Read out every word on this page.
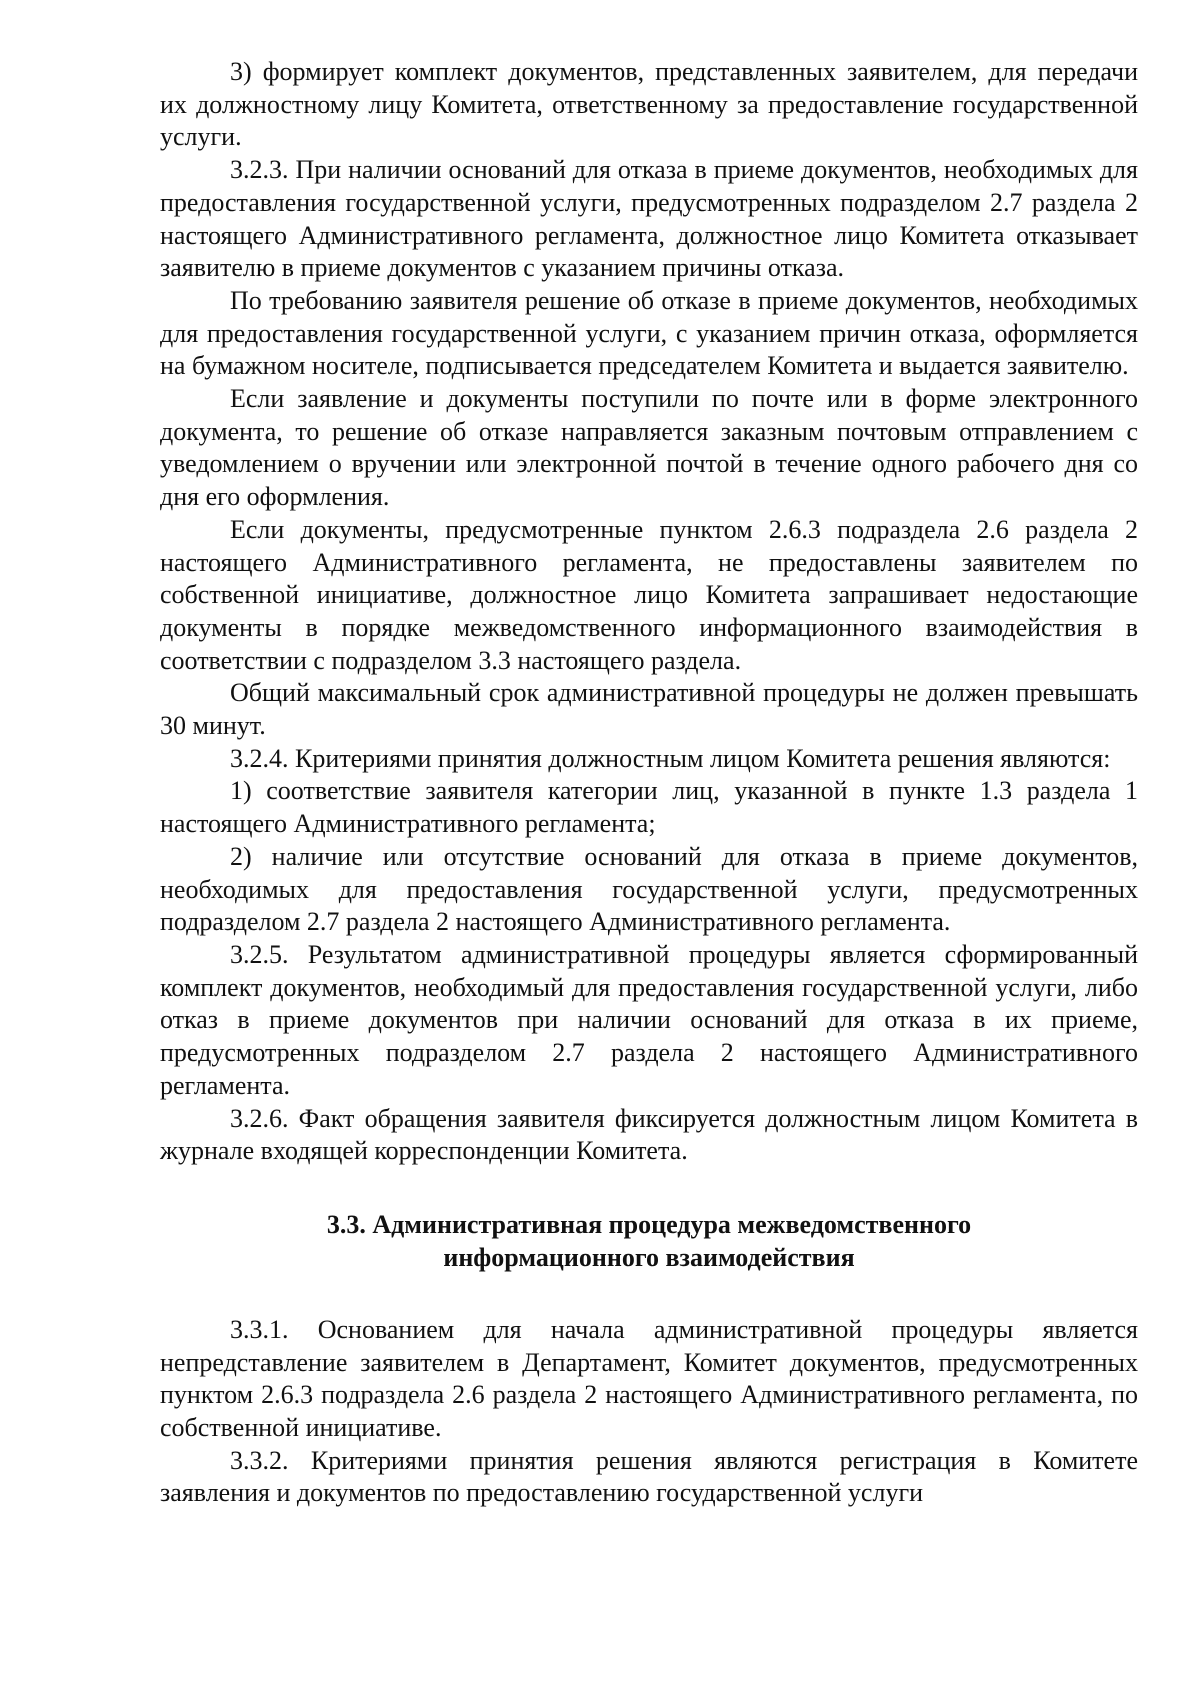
3) формирует комплект документов, представленных заявителем, для передачи их должностному лицу Комитета, ответственному за предоставление государственной услуги.

3.2.3. При наличии оснований для отказа в приеме документов, необходимых для предоставления государственной услуги, предусмотренных подразделом 2.7 раздела 2 настоящего Административного регламента, должностное лицо Комитета отказывает заявителю в приеме документов с указанием причины отказа.

По требованию заявителя решение об отказе в приеме документов, необходимых для предоставления государственной услуги, с указанием причин отказа, оформляется на бумажном носителе, подписывается председателем Комитета и выдается заявителю.

Если заявление и документы поступили по почте или в форме электронного документа, то решение об отказе направляется заказным почтовым отправлением с уведомлением о вручении или электронной почтой в течение одного рабочего дня со дня его оформления.

Если документы, предусмотренные пунктом 2.6.3 подраздела 2.6 раздела 2 настоящего Административного регламента, не предоставлены заявителем по собственной инициативе, должностное лицо Комитета запрашивает недостающие документы в порядке межведомственного информационного взаимодействия в соответствии с подразделом 3.3 настоящего раздела.

Общий максимальный срок административной процедуры не должен превышать 30 минут.

3.2.4. Критериями принятия должностным лицом Комитета решения являются:

1) соответствие заявителя категории лиц, указанной в пункте 1.3 раздела 1 настоящего Административного регламента;

2) наличие или отсутствие оснований для отказа в приеме документов, необходимых для предоставления государственной услуги, предусмотренных подразделом 2.7 раздела 2 настоящего Административного регламента.

3.2.5. Результатом административной процедуры является сформированный комплект документов, необходимый для предоставления государственной услуги, либо отказ в приеме документов при наличии оснований для отказа в их приеме, предусмотренных подразделом 2.7 раздела 2 настоящего Административного регламента.

3.2.6. Факт обращения заявителя фиксируется должностным лицом Комитета в журнале входящей корреспонденции Комитета.

3.3. Административная процедура межведомственного

информационного взаимодействия

3.3.1. Основанием для начала административной процедуры является непредставление заявителем в Департамент, Комитет документов, предусмотренных пунктом 2.6.3 подраздела 2.6 раздела 2 настоящего Административного регламента, по собственной инициативе.

3.3.2. Критериями принятия решения являются регистрация в Комитете заявления и документов по предоставлению государственной услуги
